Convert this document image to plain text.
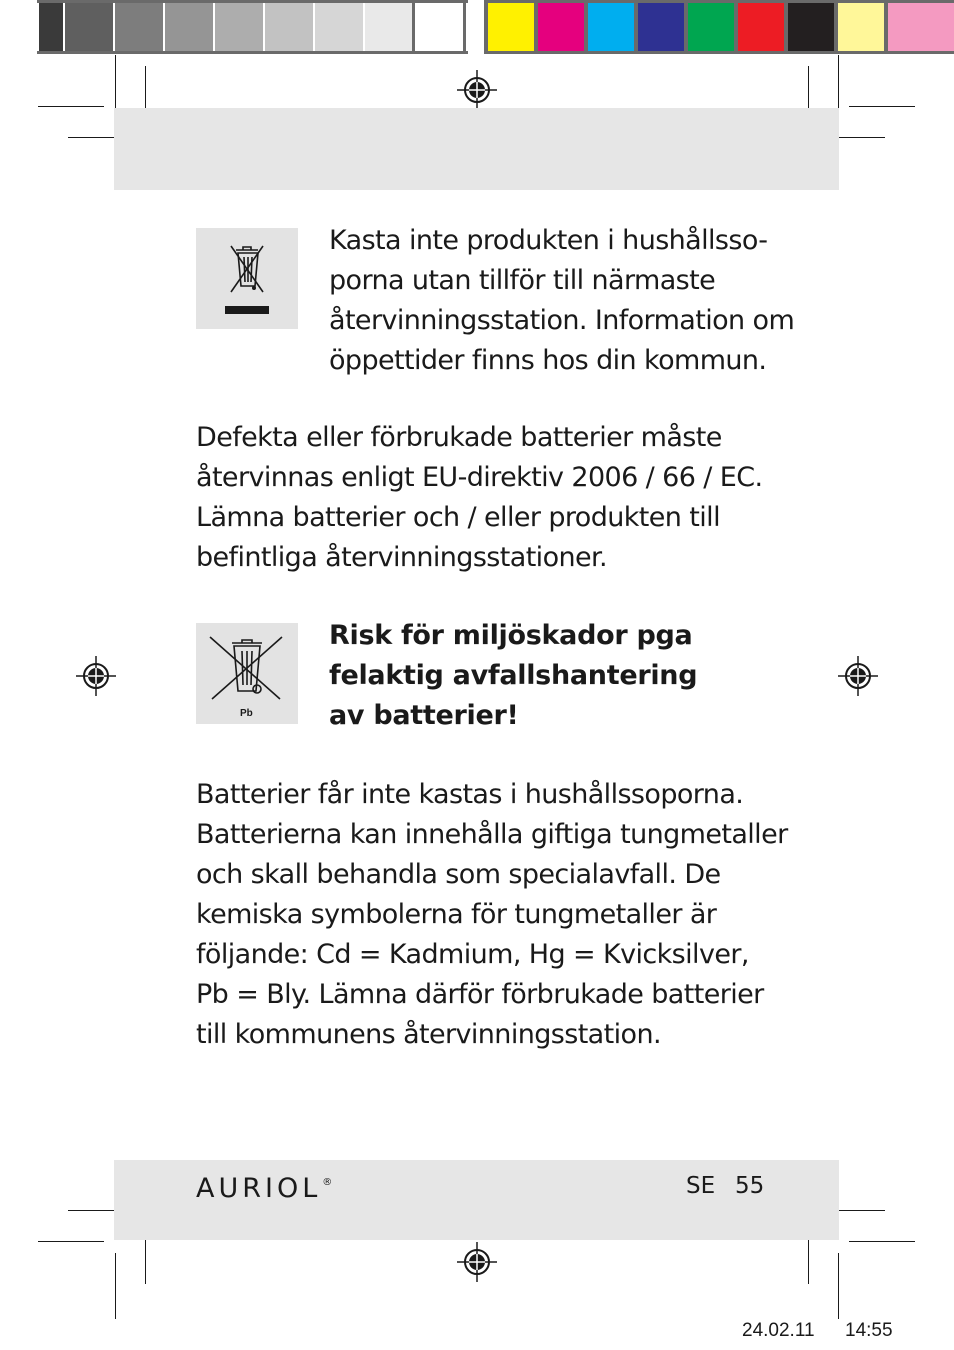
Kasta inte produkten i hushållsso-
porna utan tillför till närmaste
återvinningsstation. Information om
öppettider finns hos din kommun.
Defekta eller förbrukade batterier måste
återvinnas enligt EU-direktiv 2006 / 66 / EC.
Lämna batterier och / eller produkten till
befintliga återvinningsstationer.
Pb
Risk för miljöskador pga
felaktig avfallshantering
av batterier!
Batterier får inte kastas i hushållssoporna.
Batterierna kan innehålla giftiga tungmetaller
och skall behandla som specialavfall. De
kemiska symbolerna för tungmetaller är
följande: Cd = Kadmium, Hg = Kvicksilver,
Pb = Bly. Lämna därför förbrukade batterier
till kommunens återvinningsstation.
AURIOL ®	SE 55
24.02.11 14:55
